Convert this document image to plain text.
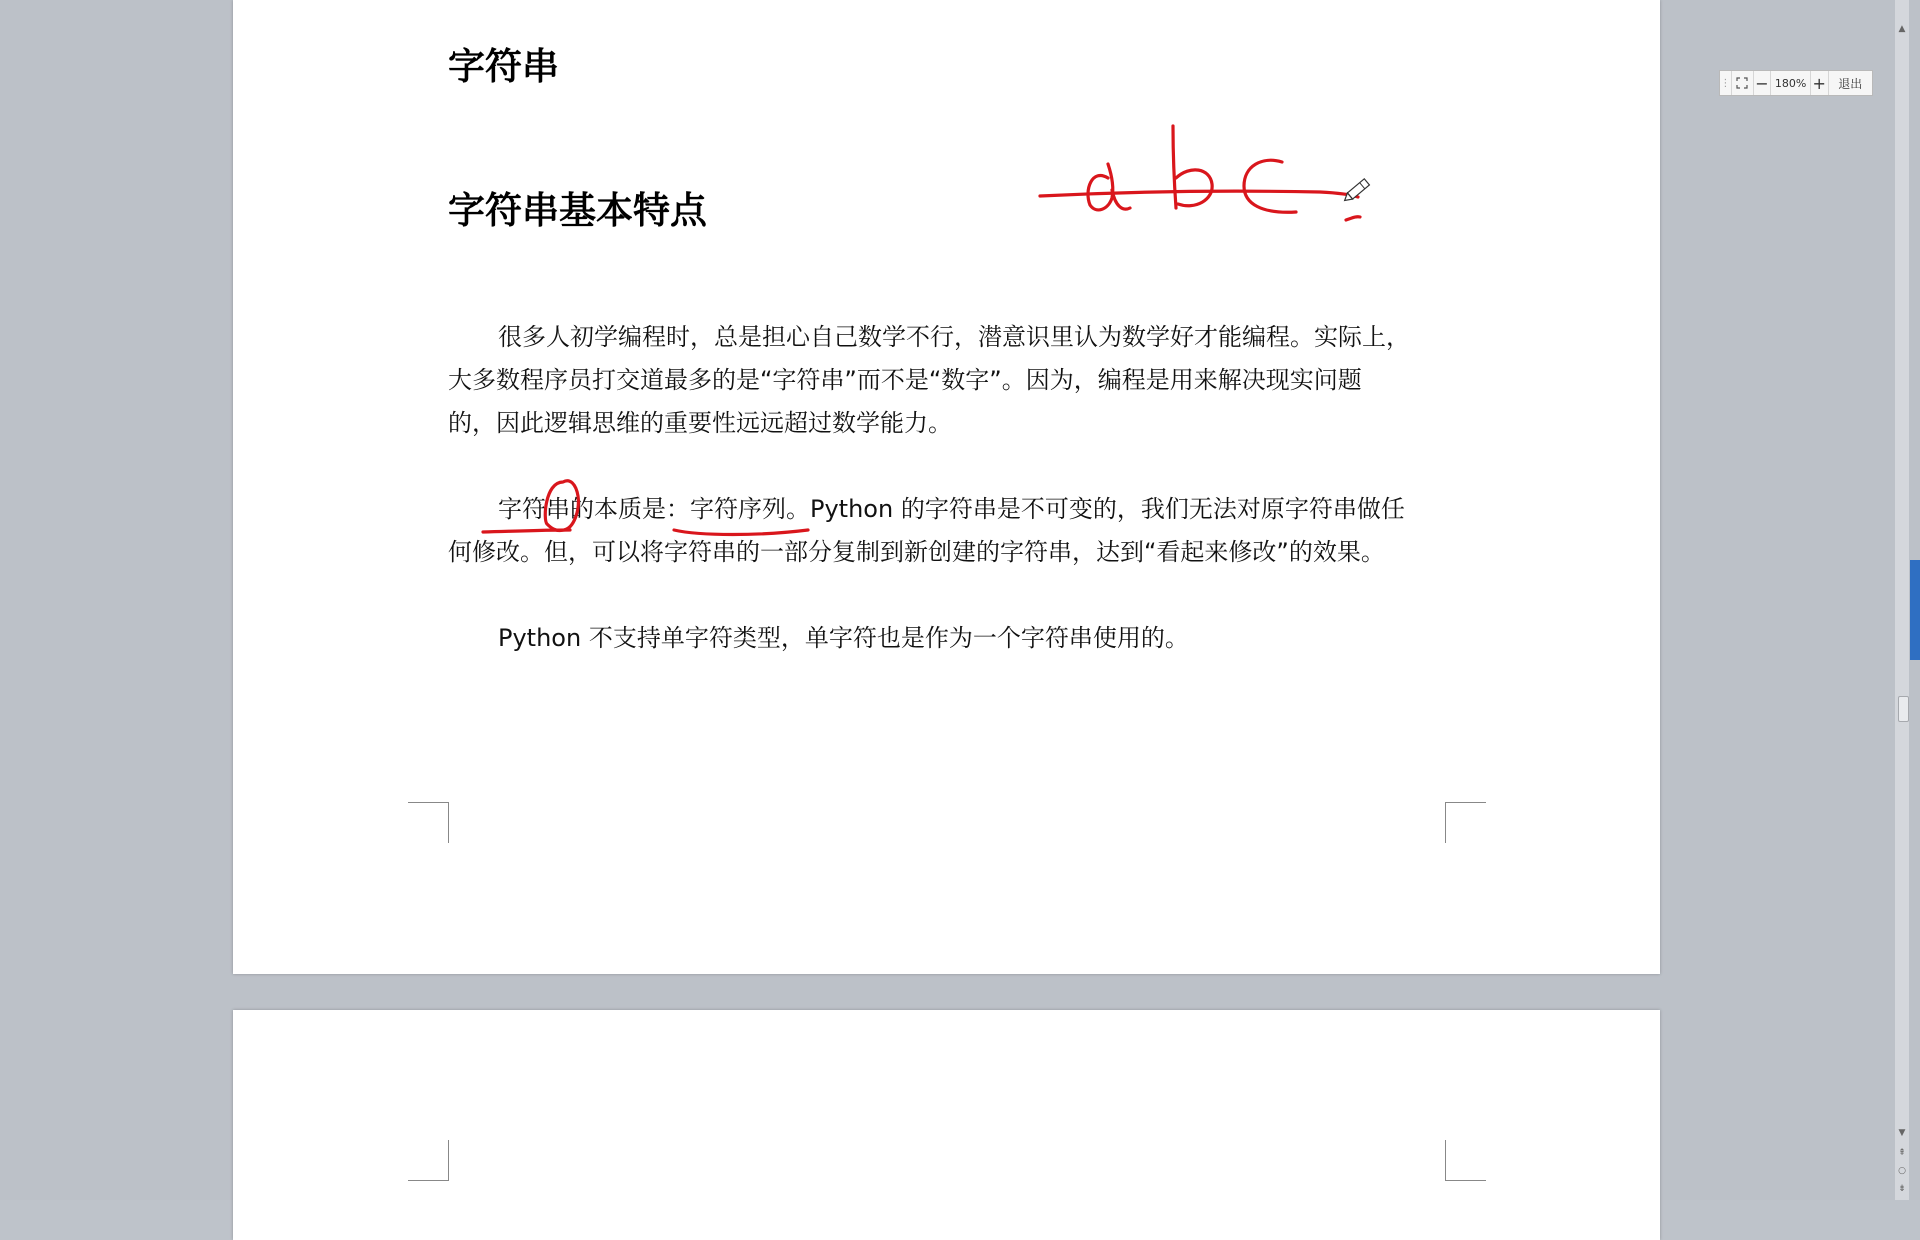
字符串
字符串基本特点

很多人初学编程时，总是担心自己数学不行，潜意识里认为数学好才能编程。实际上，
大多数程序员打交道最多的是“字符串”而不是“数字”。因为，编程是用来解决现实问题
的，因此逻辑思维的重要性远远超过数学能力。

字符串的本质是：字符序列。Python 的字符串是不可变的，我们无法对原字符串做任
何修改。但，可以将字符串的一部分复制到新创建的字符串，达到“看起来修改”的效果。

Python 不支持单字符类型，单字符也是作为一个字符串使用的。

⋮ − 180% +	退出
▲
▼
⇞
○
⇟
